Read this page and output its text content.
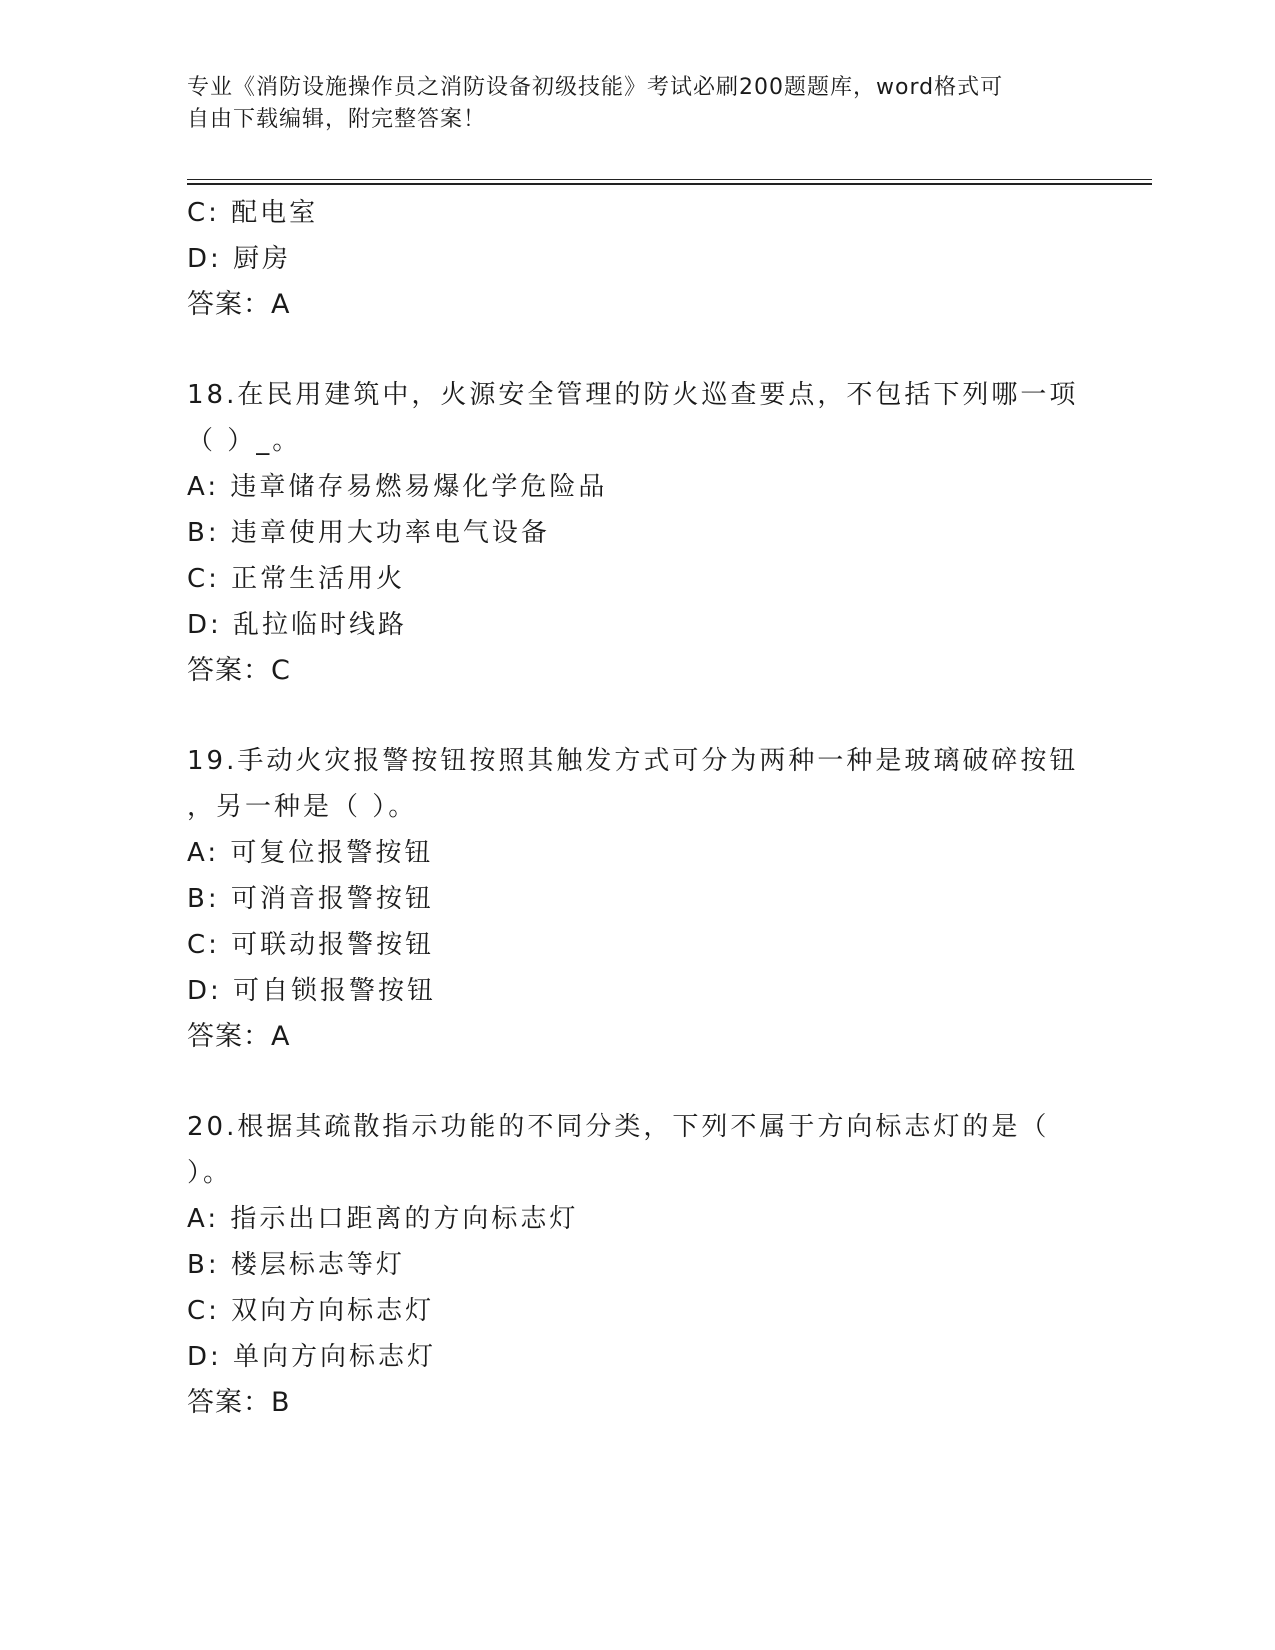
专业《消防设施操作员之消防设备初级技能》考试必刷200题题库，word格式可
自由下载编辑，附完整答案！
C: 配电室
D: 厨房
答案：A
18.在民用建筑中，火源安全管理的防火巡查要点，不包括下列哪一项
（ ）_。
A: 违章储存易燃易爆化学危险品
B: 违章使用大功率电气设备
C: 正常生活用火
D: 乱拉临时线路
答案：C
19.手动火灾报警按钮按照其触发方式可分为两种一种是玻璃破碎按钮
，另一种是（ ）。
A: 可复位报警按钮
B: 可消音报警按钮
C: 可联动报警按钮
D: 可自锁报警按钮
答案：A
20.根据其疏散指示功能的不同分类，下列不属于方向标志灯的是（
）。
A: 指示出口距离的方向标志灯
B: 楼层标志等灯
C: 双向方向标志灯
D: 单向方向标志灯
答案：B
